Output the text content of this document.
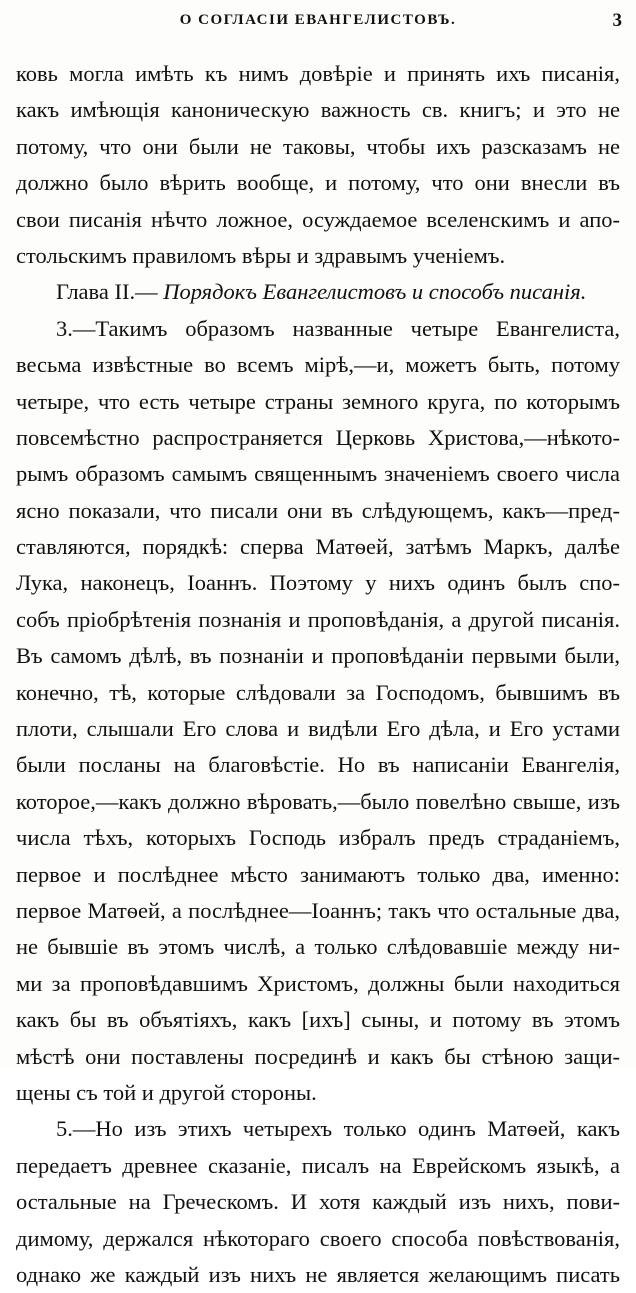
О СОГЛАСІИ ЕВАНГЕЛИСТОВЪ.	3
ковь могла имѣть къ нимъ довѣріе и принять ихъ писанія,
какъ имѣющія каноническую важность св. книгъ; и это не
потому, что они были не таковы, чтобы ихъ разсказамъ не
должно было вѣрить вообще, и потому, что они внесли въ
свои писанія нѣчто ложное, осуждаемое вселенскимъ и апо-
стольскимъ правиломъ вѣры и здравымъ ученіемъ.
Глава II.— Порядокъ Евангелистовъ и способъ писанія.
3.—Такимъ образомъ названные четыре Евангелиста,
весьма извѣстные во всемъ мірѣ,—и, можетъ быть, потому
четыре, что есть четыре страны земного круга, по которымъ
повсемѣстно распространяется Церковь Христова,—нѣкото-
рымъ образомъ самымъ священнымъ значеніемъ своего числа
ясно показали, что писали они въ слѣдующемъ, какъ—пред-
ставляются, порядкѣ: сперва Матѳей, затѣмъ Маркъ, далѣе
Лука, наконецъ, Іоаннъ. Поэтому у нихъ одинъ былъ спо-
собъ пріобрѣтенія познанія и проповѣданія, а другой писанія.
Въ самомъ дѣлѣ, въ познаніи и проповѣданіи первыми были,
конечно, тѣ, которые слѣдовали за Господомъ, бывшимъ въ
плоти, слышали Его слова и видѣли Его дѣла, и Его устами
были посланы на благовѣстіе. Но въ написаніи Евангелія,
которое,—какъ должно вѣровать,—было повелѣно свыше, изъ
числа тѣхъ, которыхъ Господь избралъ предъ страданіемъ,
первое и послѣднее мѣсто занимаютъ только два, именно:
первое Матѳей, а послѣднее—Іоаннъ; такъ что остальные два,
не бывшіе въ этомъ числѣ, а только слѣдовавшіе между ни-
ми за проповѣдавшимъ Христомъ, должны были находиться
какъ бы въ объятіяхъ, какъ [ихъ] сыны, и потому въ этомъ
мѣстѣ они поставлены посрединѣ и какъ бы стѣною защи-
щены съ той и другой стороны.
5.—Но изъ этихъ четырехъ только одинъ Матѳей, какъ
передаетъ древнее сказаніе, писалъ на Еврейскомъ языкѣ, а
остальные на Греческомъ. И хотя каждый изъ нихъ, пови-
димому, держался нѣкотораго своего способа повѣствованія,
однако же каждый изъ нихъ не является желающимъ писать
